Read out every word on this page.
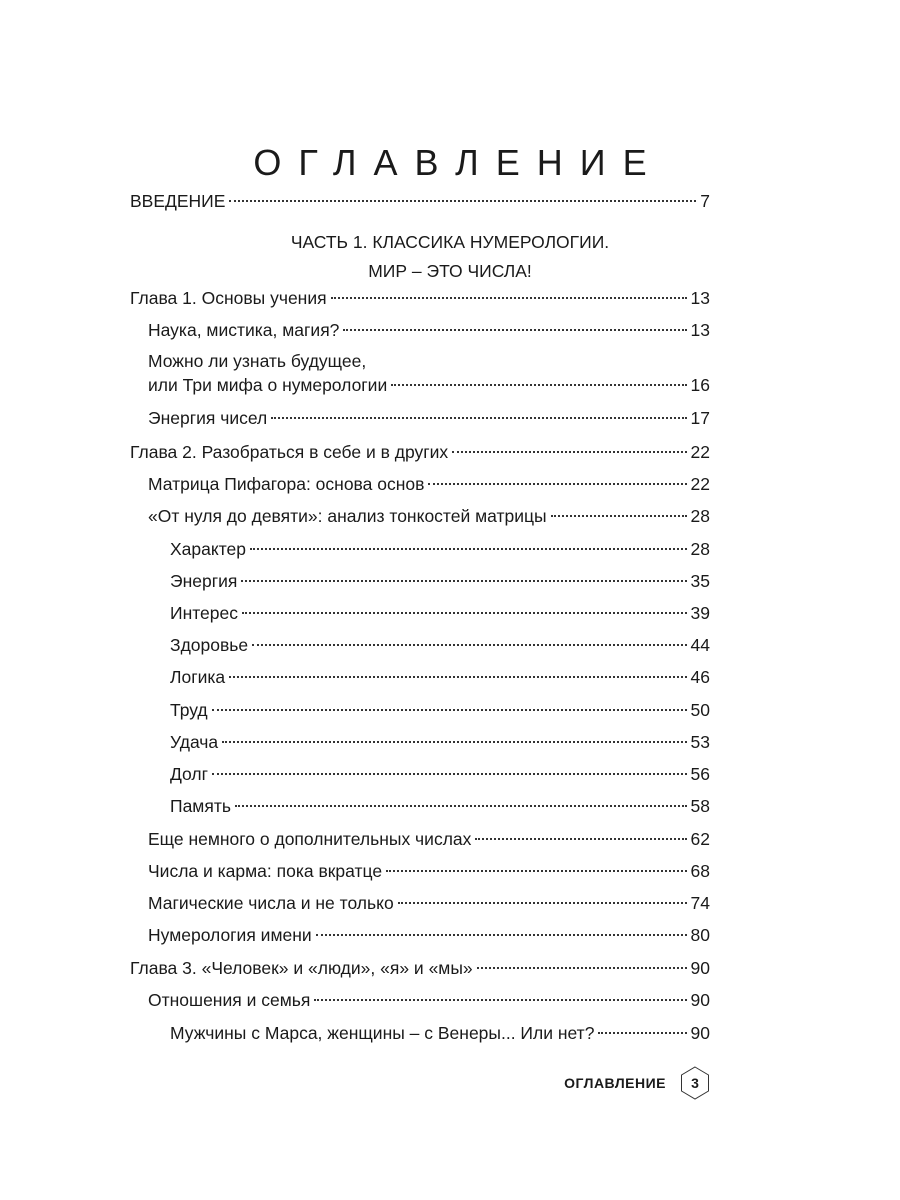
ОГЛАВЛЕНИЕ
ВВЕДЕНИЕ	7
ЧАСТЬ 1. КЛАССИКА НУМЕРОЛОГИИ.
МИР – ЭТО ЧИСЛА!
Глава 1. Основы учения	13
Наука, мистика, магия?	13
Можно ли узнать будущее,
или Три мифа о нумерологии	16
Энергия чисел	17
Глава 2. Разобраться в себе и в других	22
Матрица Пифагора: основа основ	22
«От нуля до девяти»: анализ тонкостей матрицы	28
Характер	28
Энергия	35
Интерес	39
Здоровье	44
Логика	46
Труд	50
Удача	53
Долг	56
Память	58
Еще немного о дополнительных числах	62
Числа и карма: пока вкратце	68
Магические числа и не только	74
Нумерология имени	80
Глава 3. «Человек» и «люди», «я» и «мы»	90
Отношения и семья	90
Мужчины с Марса, женщины – с Венеры... Или нет?	90
ОГЛАВЛЕНИЕ	3
